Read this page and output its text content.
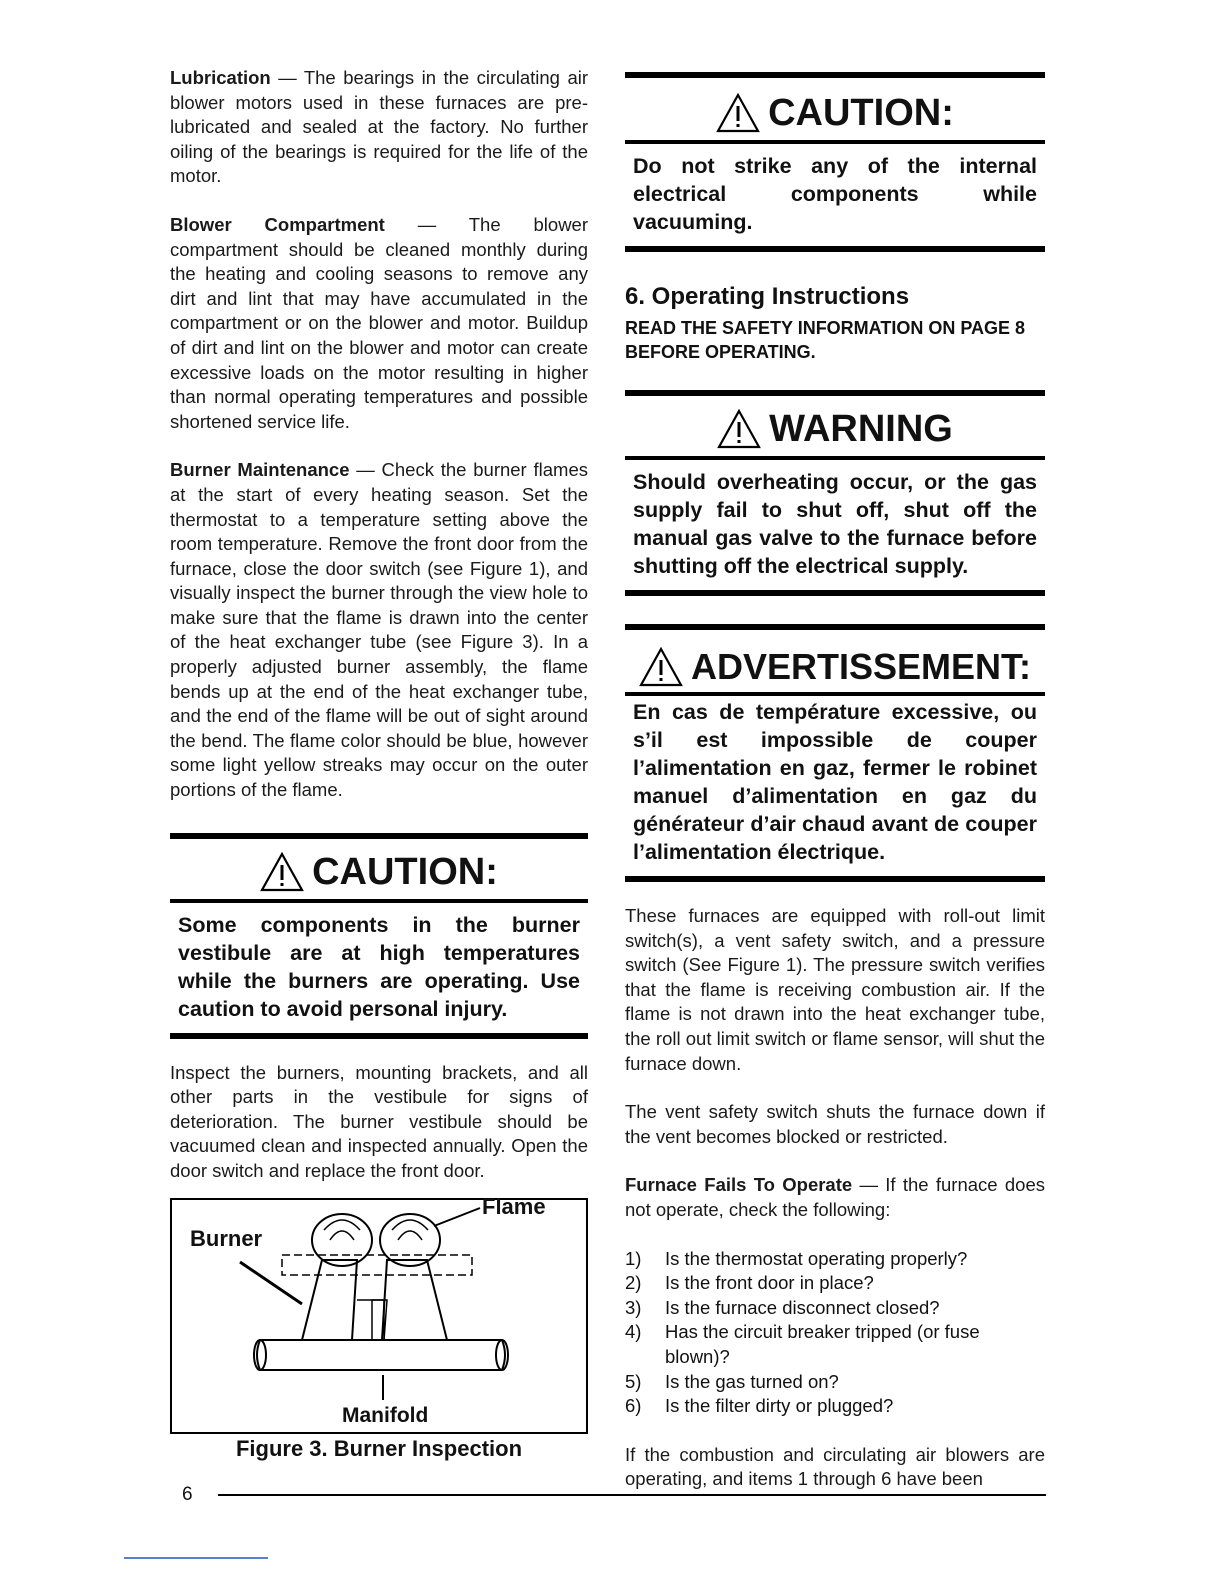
Lubrication — The bearings in the circulating air blower motors used in these furnaces are pre-lubricated and sealed at the factory. No further oiling of the bearings is required for the life of the motor.

Blower Compartment — The blower compartment should be cleaned monthly during the heating and cooling seasons to remove any dirt and lint that may have accumulated in the compartment or on the blower and motor. Buildup of dirt and lint on the blower and motor can create excessive loads on the motor resulting in higher than normal operating temperatures and possible shortened service life.

Burner Maintenance — Check the burner flames at the start of every heating season. Set the thermostat to a temperature setting above the room temperature. Remove the front door from the furnace, close the door switch (see Figure 1), and visually inspect the burner through the view hole to make sure that the flame is drawn into the center of the heat exchanger tube (see Figure 3). In a properly adjusted burner assembly, the flame bends up at the end of the heat exchanger tube, and the end of the flame will be out of sight around the bend. The flame color should be blue, however some light yellow streaks may occur on the outer portions of the flame.

CAUTION:

Some components in the burner vestibule are at high temperatures while the burners are operating. Use caution to avoid personal injury.

Inspect the burners, mounting brackets, and all other parts in the vestibule for signs of deterioration. The burner vestibule should be vacuumed clean and inspected annually. Open the door switch and replace the front door.

Flame
Burner
Manifold
Figure 3. Burner Inspection
CAUTION:

Do not strike any of the internal electrical components while vacuuming.

6. Operating Instructions

READ THE SAFETY INFORMATION ON PAGE 8 BEFORE OPERATING.

WARNING

Should overheating occur, or the gas supply fail to shut off, shut off the manual gas valve to the furnace before shutting off the electrical supply.

ADVERTISSEMENT:

En cas de température excessive, ou s’il est impossible de couper l’alimentation en gaz, fermer le robinet manuel d’alimentation en gaz du générateur d’air chaud avant de couper l’alimentation électrique.

These furnaces are equipped with roll-out limit switch(s), a vent safety switch, and a pressure switch (See Figure 1). The pressure switch verifies that the flame is receiving combustion air. If the flame is not drawn into the heat exchanger tube, the roll out limit switch or flame sensor, will shut the furnace down.

The vent safety switch shuts the furnace down if the vent becomes blocked or restricted.

Furnace Fails To Operate — If the furnace does not operate, check the following:

1)	Is the thermostat operating properly?
2)	Is the front door in place?
3)	Is the furnace disconnect closed?
4)	Has the circuit breaker tripped (or fuse blown)?
5)	Is the gas turned on?
6)	Is the filter dirty or plugged?

If the combustion and circulating air blowers are operating, and items 1 through 6 have been

6
